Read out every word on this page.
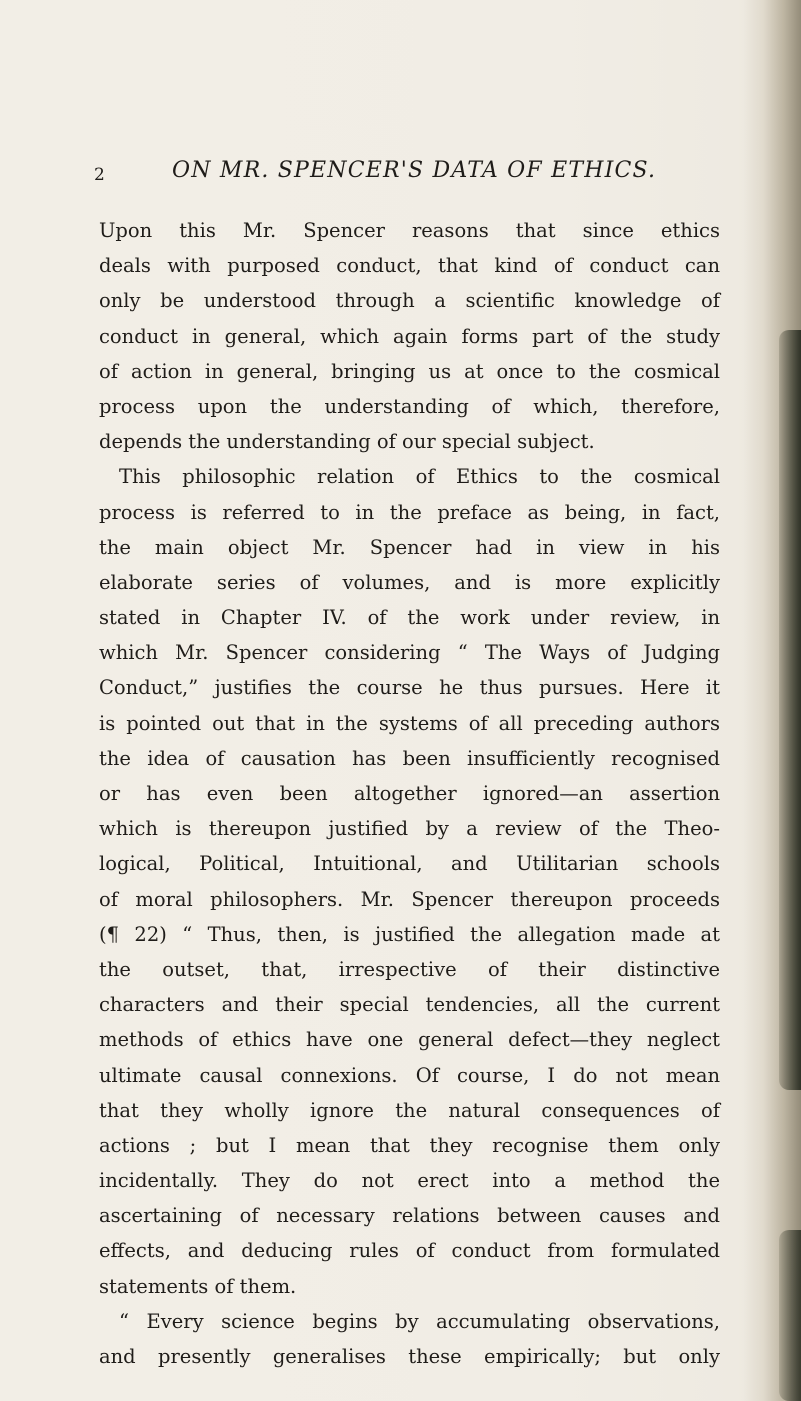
2	ON MR. SPENCER'S DATA OF ETHICS.
Upon this Mr. Spencer reasons that since ethics
deals with purposed conduct, that kind of conduct can
only be understood through a scientific knowledge of
conduct in general, which again forms part of the study
of action in general, bringing us at once to the cosmical
process upon the understanding of which, therefore,
depends the understanding of our special subject.
This philosophic relation of Ethics to the cosmical
process is referred to in the preface as being, in fact,
the main object Mr. Spencer had in view in his
elaborate series of volumes, and is more explicitly
stated in Chapter IV. of the work under review, in
which Mr. Spencer considering “ The Ways of Judging
Conduct,” justifies the course he thus pursues. Here it
is pointed out that in the systems of all preceding authors
the idea of causation has been insufficiently recognised
or has even been altogether ignored—an assertion
which is thereupon justified by a review of the Theo-
logical, Political, Intuitional, and Utilitarian schools
of moral philosophers. Mr. Spencer thereupon proceeds
(¶ 22) “ Thus, then, is justified the allegation made at
the outset, that, irrespective of their distinctive
characters and their special tendencies, all the current
methods of ethics have one general defect—they neglect
ultimate causal connexions. Of course, I do not mean
that they wholly ignore the natural consequences of
actions ; but I mean that they recognise them only
incidentally. They do not erect into a method the
ascertaining of necessary relations between causes and
effects, and deducing rules of conduct from formulated
statements of them.
“ Every science begins by accumulating observations,
and presently generalises these empirically; but only
